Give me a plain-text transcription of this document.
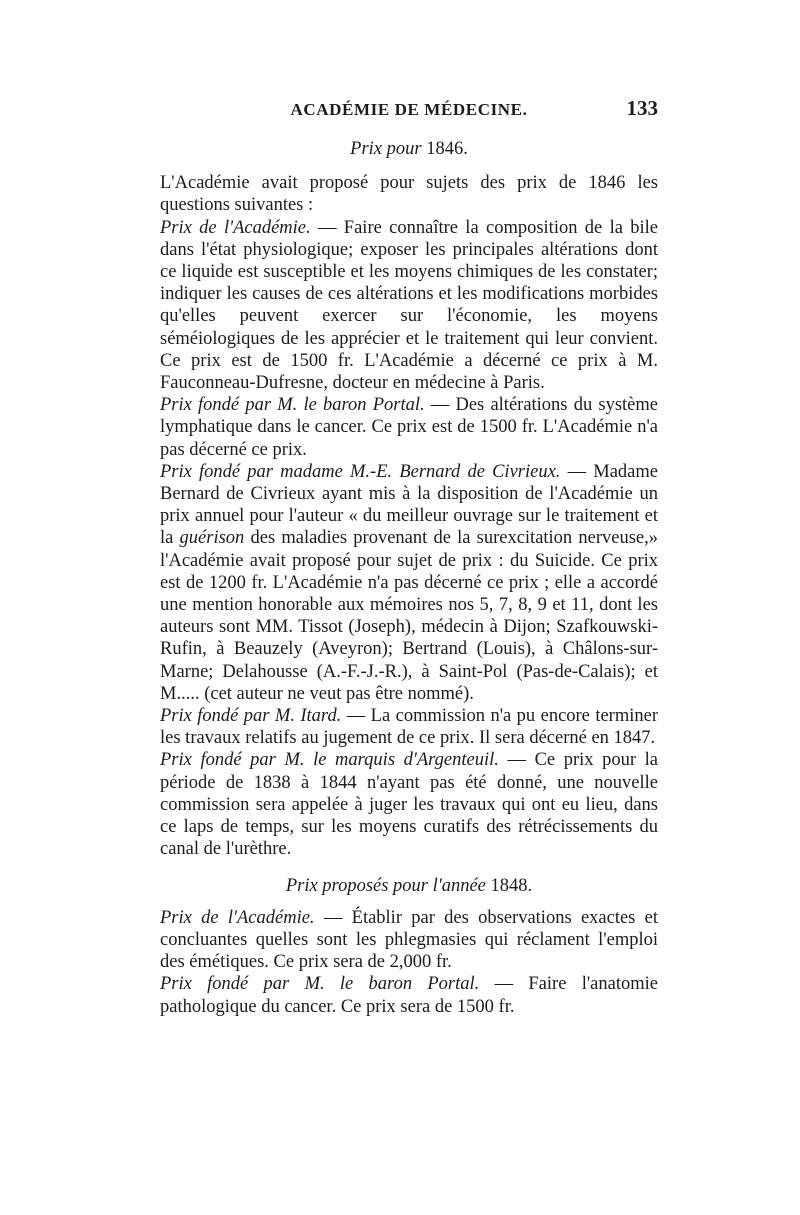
ACADÉMIE DE MÉDECINE.	133
Prix pour 1846.

L'Académie avait proposé pour sujets des prix de 1846 les questions suivantes :

Prix de l'Académie. — Faire connaître la composition de la bile dans l'état physiologique; exposer les principales altérations dont ce liquide est susceptible et les moyens chimiques de les constater; indiquer les causes de ces altérations et les modifications morbides qu'elles peuvent exercer sur l'économie, les moyens séméiologiques de les apprécier et le traitement qui leur convient. Ce prix est de 1500 fr. L'Académie a décerné ce prix à M. Fauconneau-Dufresne, docteur en médecine à Paris.

Prix fondé par M. le baron Portal. — Des altérations du système lymphatique dans le cancer. Ce prix est de 1500 fr. L'Académie n'a pas décerné ce prix.

Prix fondé par madame M.-E. Bernard de Civrieux. — Madame Bernard de Civrieux ayant mis à la disposition de l'Académie un prix annuel pour l'auteur « du meilleur ouvrage sur le traitement et la guérison des maladies provenant de la surexcitation nerveuse,» l'Académie avait proposé pour sujet de prix : du Suicide. Ce prix est de 1200 fr. L'Académie n'a pas décerné ce prix ; elle a accordé une mention honorable aux mémoires nos 5, 7, 8, 9 et 11, dont les auteurs sont MM. Tissot (Joseph), médecin à Dijon; Szafkouwski-Rufin, à Beauzely (Aveyron); Bertrand (Louis), à Châlons-sur-Marne; Delahousse (A.-F.-J.-R.), à Saint-Pol (Pas-de-Calais); et M..... (cet auteur ne veut pas être nommé).

Prix fondé par M. Itard. — La commission n'a pu encore terminer les travaux relatifs au jugement de ce prix. Il sera décerné en 1847.

Prix fondé par M. le marquis d'Argenteuil. — Ce prix pour la période de 1838 à 1844 n'ayant pas été donné, une nouvelle commission sera appelée à juger les travaux qui ont eu lieu, dans ce laps de temps, sur les moyens curatifs des rétrécissements du canal de l'urèthre.

Prix proposés pour l'année 1848.

Prix de l'Académie. — Établir par des observations exactes et concluantes quelles sont les phlegmasies qui réclament l'emploi des émétiques. Ce prix sera de 2,000 fr.

Prix fondé par M. le baron Portal. — Faire l'anatomie pathologique du cancer. Ce prix sera de 1500 fr.
